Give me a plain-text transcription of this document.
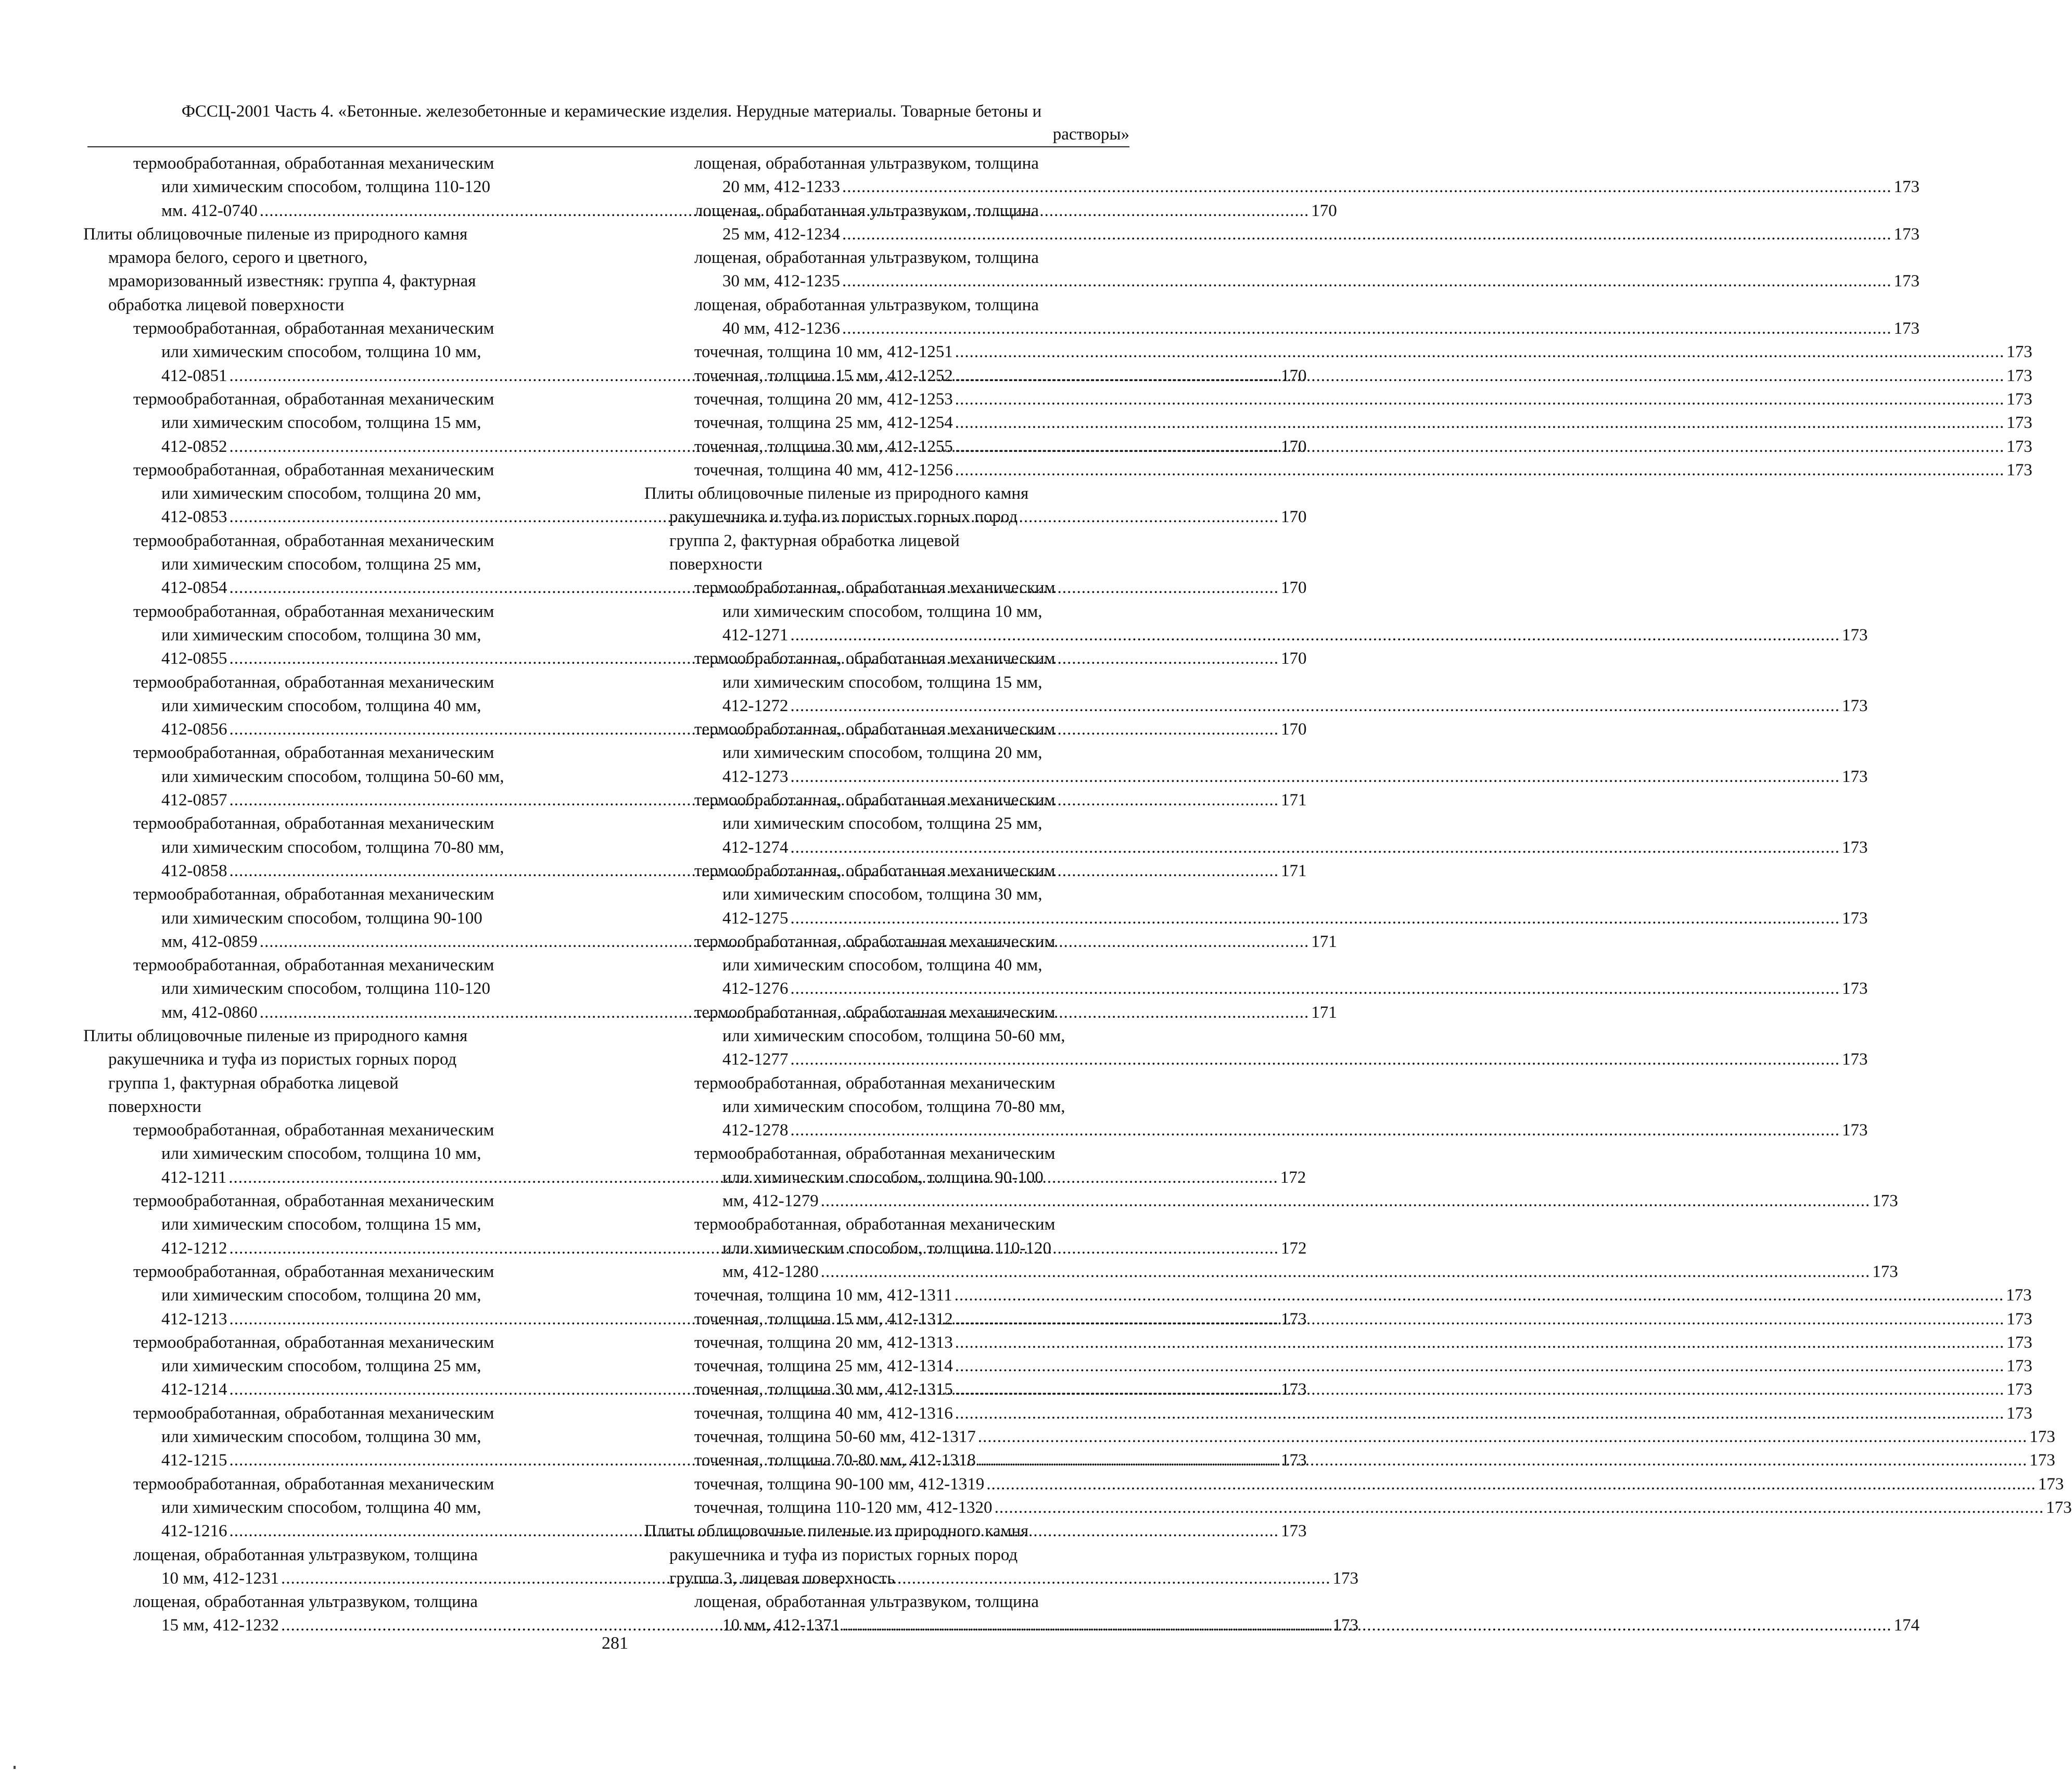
ФССЦ-2001 Часть 4. «Бетонные. железобетонные и керамические изделия. Нерудные материалы. Товарные бетоны и
растворы»
термообработанная, обработанная механическим
или химическим способом, толщина 110-120
мм. 412-0740 .....	170
Плиты облицовочные пиленые из природного камня
мрамора белого, серого и цветного,
мраморизованный известняк: группа 4, фактурная
обработка лицевой поверхности
термообработанная, обработанная механическим
или химическим способом, толщина 10 мм,
412-0851 .....	170
термообработанная, обработанная механическим
или химическим способом, толщина 15 мм,
412-0852 .....	170
термообработанная, обработанная механическим
или химическим способом, толщина 20 мм,
412-0853 .....	170
термообработанная, обработанная механическим
или химическим способом, толщина 25 мм,
412-0854 .....	170
термообработанная, обработанная механическим
или химическим способом, толщина 30 мм,
412-0855 .....	170
термообработанная, обработанная механическим
или химическим способом, толщина 40 мм,
412-0856 .....	170
термообработанная, обработанная механическим
или химическим способом, толщина 50-60 мм,
412-0857 .....	171
термообработанная, обработанная механическим
или химическим способом, толщина 70-80 мм,
412-0858 .....	171
термообработанная, обработанная механическим
или химическим способом, толщина 90-100
мм, 412-0859 .....	171
термообработанная, обработанная механическим
или химическим способом, толщина 110-120
мм, 412-0860 .....	171
Плиты облицовочные пиленые из природного камня
ракушечника и туфа из пористых горных пород
группа 1, фактурная обработка лицевой
поверхности
термообработанная, обработанная механическим
или химическим способом, толщина 10 мм,
412-1211 .....	172
термообработанная, обработанная механическим
или химическим способом, толщина 15 мм,
412-1212 .....	172
термообработанная, обработанная механическим
или химическим способом, толщина 20 мм,
412-1213 .....	173
термообработанная, обработанная механическим
или химическим способом, толщина 25 мм,
412-1214 .....	173
термообработанная, обработанная механическим
или химическим способом, толщина 30 мм,
412-1215 .....	173
термообработанная, обработанная механическим
или химическим способом, толщина 40 мм,
412-1216 .....	173
лощеная, обработанная ультразвуком, толщина
10 мм, 412-1231 .....	173
лощеная, обработанная ультразвуком, толщина
15 мм, 412-1232 .....	173
лощеная, обработанная ультразвуком, толщина
20 мм, 412-1233 .....	173
лощеная, обработанная ультразвуком, толщина
25 мм, 412-1234 .....	173
лощеная, обработанная ультразвуком, толщина
30 мм, 412-1235 .....	173
лощеная, обработанная ультразвуком, толщина
40 мм, 412-1236 .....	173
точечная, толщина 10 мм, 412-1251 .....	173
точечная, толщина 15 мм, 412-1252 .....	173
точечная, толщина 20 мм, 412-1253 .....	173
точечная, толщина 25 мм, 412-1254 .....	173
точечная, толщина 30 мм, 412-1255 .....	173
точечная, толщина 40 мм, 412-1256 .....	173
Плиты облицовочные пиленые из природного камня
ракушечника и туфа из пористых горных пород
группа 2, фактурная обработка лицевой
поверхности
термообработанная, обработанная механическим
или химическим способом, толщина 10 мм,
412-1271 .....	173
термообработанная, обработанная механическим
или химическим способом, толщина 15 мм,
412-1272 .....	173
термообработанная, обработанная механическим
или химическим способом, толщина 20 мм,
412-1273 .....	173
термообработанная, обработанная механическим
или химическим способом, толщина 25 мм,
412-1274 .....	173
термообработанная, обработанная механическим
или химическим способом, толщина 30 мм,
412-1275 .....	173
термообработанная, обработанная механическим
или химическим способом, толщина 40 мм,
412-1276 .....	173
термообработанная, обработанная механическим
или химическим способом, толщина 50-60 мм,
412-1277 .....	173
термообработанная, обработанная механическим
или химическим способом, толщина 70-80 мм,
412-1278 .....	173
термообработанная, обработанная механическим
или химическим способом, толщина 90-100
мм, 412-1279 .....	173
термообработанная, обработанная механическим
или химическим способом, толщина 110-120
мм, 412-1280 .....	173
точечная, толщина 10 мм, 412-1311 .....	173
точечная, толщина 15 мм, 412-1312 .....	173
точечная, толщина 20 мм, 412-1313 .....	173
точечная, толщина 25 мм, 412-1314 .....	173
точечная, толщина 30 мм, 412-1315 .....	173
точечная, толщина 40 мм, 412-1316 .....	173
точечная, толщина 50-60 мм, 412-1317 .....	173
точечная, толщина 70-80 мм, 412-1318 .....	173
точечная, толщина 90-100 мм, 412-1319 .....	173
точечная, толщина 110-120 мм, 412-1320 .....	173
Плиты облицовочные пиленые из природного камня
ракушечника и туфа из пористых горных пород
группа 3, лицевая поверхность
лощеная, обработанная ультразвуком, толщина
10 мм, 412-1371 .....	174
281
